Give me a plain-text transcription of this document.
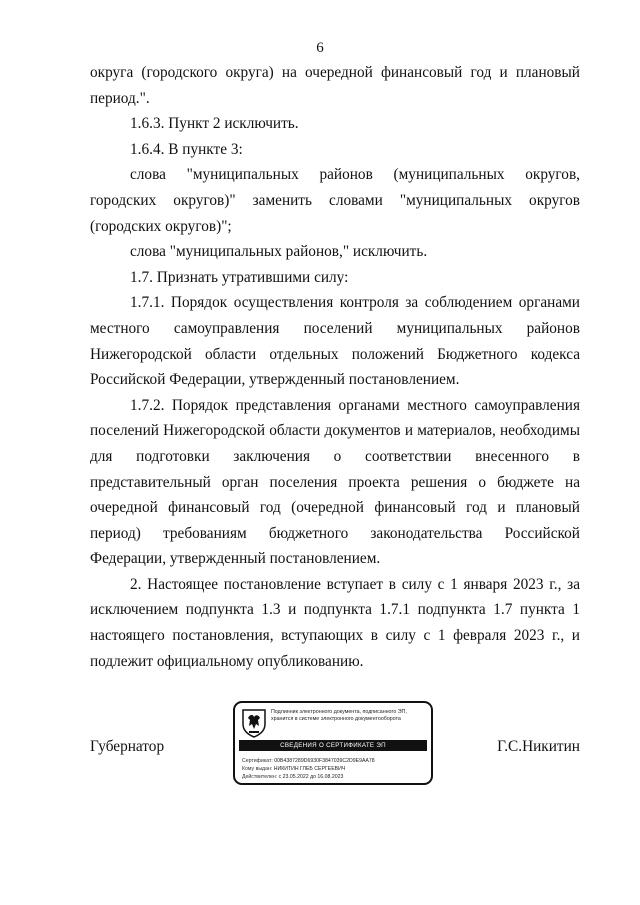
6

округа (городского округа) на очередной финансовый год и плановый период.".

1.6.3. Пункт 2 исключить.

1.6.4. В пункте 3:

слова "муниципальных районов (муниципальных округов, городских округов)" заменить словами "муниципальных округов (городских округов)";

слова "муниципальных районов," исключить.

1.7. Признать утратившими силу:

1.7.1. Порядок осуществления контроля за соблюдением органами местного самоуправления поселений муниципальных районов Нижегородской области отдельных положений Бюджетного кодекса Российской Федерации, утвержденный постановлением.

1.7.2. Порядок представления органами местного самоуправления поселений Нижегородской области документов и материалов, необходимы для подготовки заключения о соответствии внесенного в представительный орган поселения проекта решения о бюджете на очередной финансовый год (очередной финансовый год и плановый период) требованиям бюджетного законодательства Российской Федерации, утвержденный постановлением.

2. Настоящее постановление вступает в силу с 1 января 2023 г., за исключением подпункта 1.3 и подпункта 1.7.1 подпункта 1.7 пункта 1 настоящего постановления, вступающих в силу с 1 февраля 2023 г., и подлежит официальному опубликованию.

Губернатор	Г.С.Никитин
Подлинник электронного документа, подписанного ЭП,
хранится в системе электронного документооборота
СВЕДЕНИЯ О СЕРТИФИКАТЕ ЭП
Сертификат: 00B4387289D6930F3847039C2D9E9AA78
Кому выдан: НИКИТИН ГЛЕБ СЕРГЕЕВИЧ
Действителен: с 23.05.2022 до 16.08.2023
